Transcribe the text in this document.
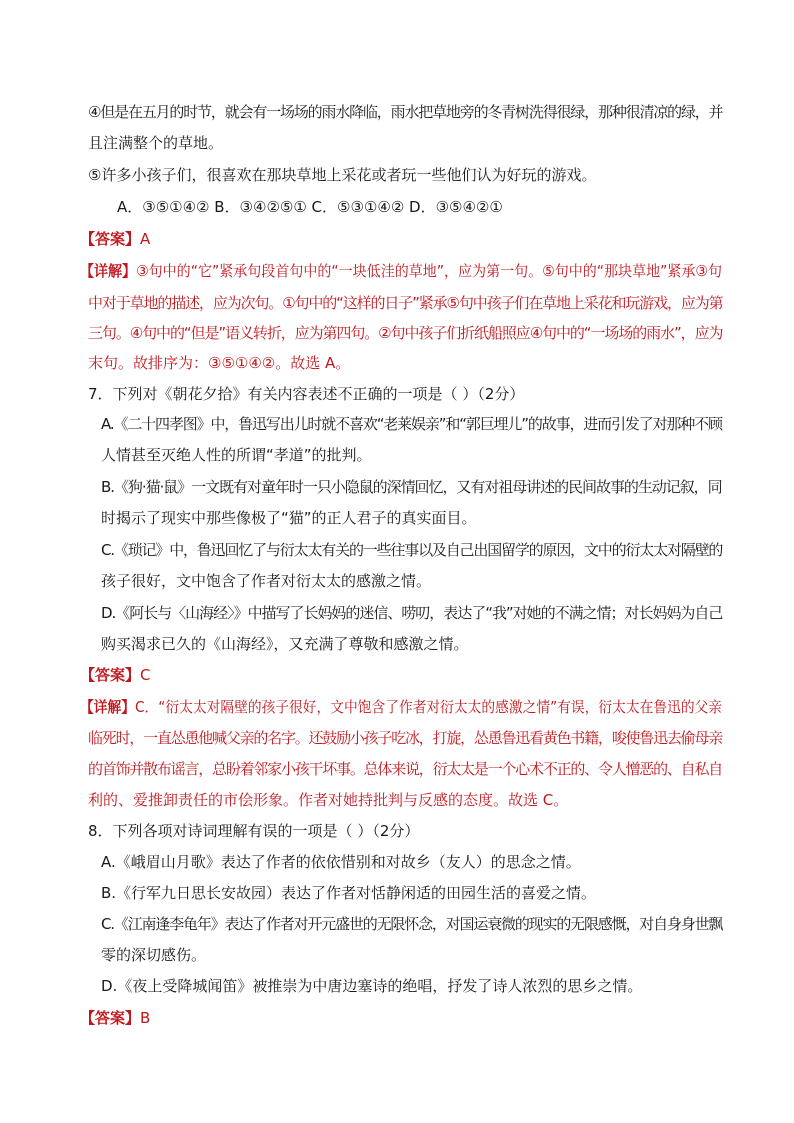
④但是在五月的时节，就会有一场场的雨水降临，雨水把草地旁的冬青树洗得很绿，那种很清凉的绿，并

且注满整个的草地。

⑤许多小孩子们，很喜欢在那块草地上采花或者玩一些他们认为好玩的游戏。

A．③⑤①④② B．③④②⑤① C．⑤③①④② D．③⑤④②①

【答案】A

【详解】③句中的“它”紧承句段首句中的“一块低洼的草地”，应为第一句。⑤句中的“那块草地”紧承③句

中对于草地的描述，应为次句。①句中的“这样的日子”紧承⑤句中孩子们在草地上采花和玩游戏，应为第

三句。④句中的“但是”语义转折，应为第四句。②句中孩子们折纸船照应④句中的“一场场的雨水”，应为

末句。故排序为：③⑤①④②。故选 A。

7．下列对《朝花夕拾》有关内容表述不正确的一项是（ ）（2分）

A.《二十四孝图》中，鲁迅写出儿时就不喜欢“老莱娱亲”和“郭巨埋儿”的故事，进而引发了对那种不顾

人情甚至灭绝人性的所谓“孝道”的批判。

B.《狗·猫·鼠》一文既有对童年时一只小隐鼠的深情回忆，又有对祖母讲述的民间故事的生动记叙，同

时揭示了现实中那些像极了“猫”的正人君子的真实面目。

C.《琐记》中，鲁迅回忆了与衍太太有关的一些往事以及自己出国留学的原因，文中的衍太太对隔壁的

孩子很好，文中饱含了作者对衍太太的感激之情。

D.《阿长与〈山海经〉》中描写了长妈妈的迷信、唠叨，表达了“我”对她的不满之情；对长妈妈为自己

购买渴求已久的《山海经》，又充满了尊敬和感激之情。

【答案】C

【详解】C．“衍太太对隔壁的孩子很好，文中饱含了作者对衍太太的感激之情”有误，衍太太在鲁迅的父亲

临死时，一直怂恿他喊父亲的名字。还鼓励小孩子吃冰，打旋，怂恿鲁迅看黄色书籍，唆使鲁迅去偷母亲

的首饰并散布谣言，总盼着邻家小孩干坏事。总体来说，衍太太是一个心术不正的、令人憎恶的、自私自

利的、爱推卸责任的市侩形象。作者对她持批判与反感的态度。故选 C。

8．下列各项对诗词理解有误的一项是（ ）（2分）

A.《峨眉山月歌》表达了作者的依依惜别和对故乡（友人）的思念之情。

B.《行军九日思长安故园）表达了作者对恬静闲适的田园生活的喜爱之情。

C.《江南逢李龟年》表达了作者对开元盛世的无限怀念，对国运衰微的现实的无限感慨，对自身身世飘

零的深切感伤。

D.《夜上受降城闻笛》被推崇为中唐边塞诗的绝唱，抒发了诗人浓烈的思乡之情。

【答案】B
